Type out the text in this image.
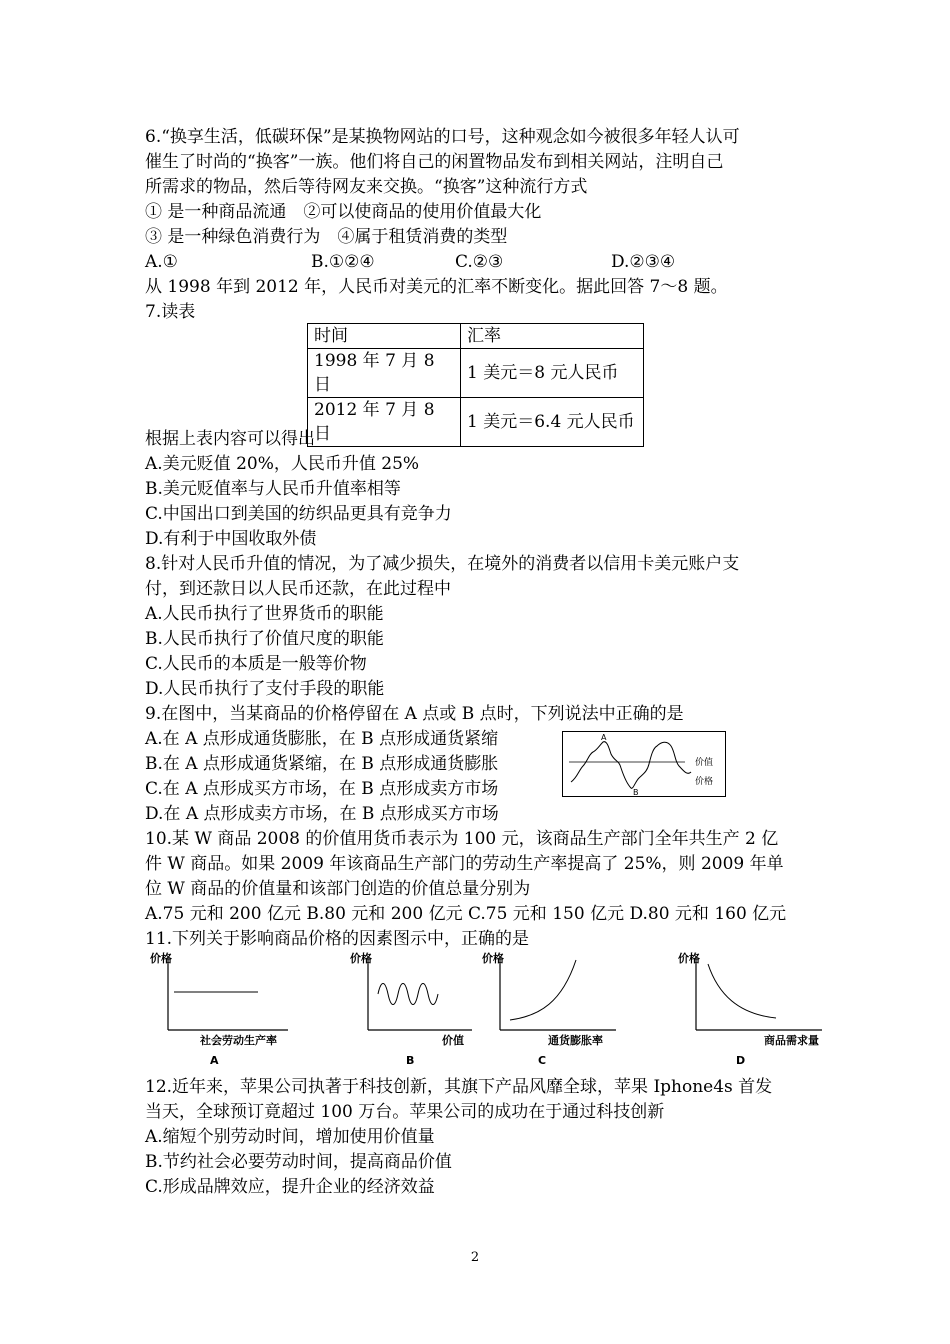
6.“换享生活，低碳环保”是某换物网站的口号，这种观念如今被很多年轻人认可
催生了时尚的“换客”一族。他们将自己的闲置物品发布到相关网站，注明自己
所需求的物品，然后等待网友来交换。“换客”这种流行方式
① 是一种商品流通　②可以使商品的使用价值最大化
③ 是一种绿色消费行为　④属于租赁消费的类型
A.①	B.①②④	C.②③	D.②③④
从 1998 年到 2012 年，人民币对美元的汇率不断变化。据此回答 7～8 题。
7.读表
时间	汇率
1998 年 7 月 8 日	1 美元＝8 元人民币
2012 年 7 月 8 日	1 美元＝6.4 元人民币
根据上表内容可以得出
A.美元贬值 20%，人民币升值 25%
B.美元贬值率与人民币升值率相等
C.中国出口到美国的纺织品更具有竞争力
D.有利于中国收取外债
8.针对人民币升值的情况，为了减少损失，在境外的消费者以信用卡美元账户支
付，到还款日以人民币还款，在此过程中
A.人民币执行了世界货币的职能
B.人民币执行了价值尺度的职能
C.人民币的本质是一般等价物
D.人民币执行了支付手段的职能
9.在图中，当某商品的价格停留在 A 点或 B 点时，下列说法中正确的是
A.在 A 点形成通货膨胀，在 B 点形成通货紧缩
B.在 A 点形成通货紧缩，在 B 点形成通货膨胀
C.在 A 点形成买方市场，在 B 点形成卖方市场
D.在 A 点形成卖方市场，在 B 点形成买方市场
A
B
价值
价格
10.某 W 商品 2008 的价值用货币表示为 100 元，该商品生产部门全年共生产 2 亿
件 W 商品。如果 2009 年该商品生产部门的劳动生产率提高了 25%，则 2009 年单
位 W 商品的价值量和该部门创造的价值总量分别为
A.75 元和 200 亿元 B.80 元和 200 亿元 C.75 元和 150 亿元 D.80 元和 160 亿元
11.下列关于影响商品价格的因素图示中，正确的是
价格
社会劳动生产率
A
价格
价值
B
价格
通货膨胀率
C
价格
商品需求量
D
12.近年来，苹果公司执著于科技创新，其旗下产品风靡全球，苹果 Iphone4s 首发
当天，全球预订竟超过 100 万台。苹果公司的成功在于通过科技创新
A.缩短个别劳动时间，增加使用价值量
B.节约社会必要劳动时间，提高商品价值
C.形成品牌效应，提升企业的经济效益
2
